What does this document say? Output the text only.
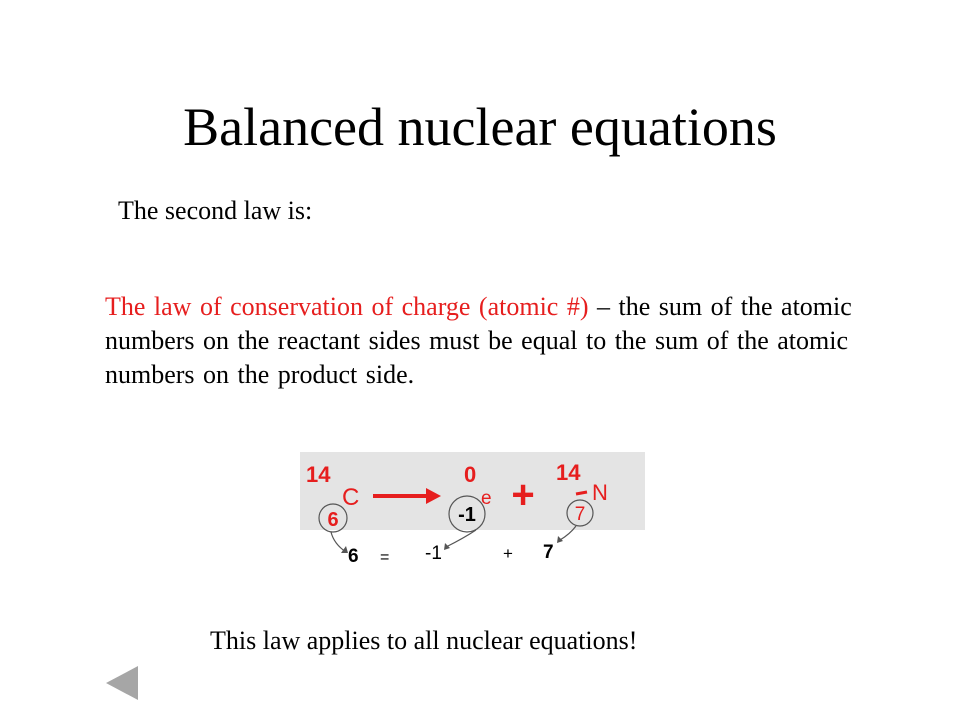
Balanced nuclear equations
The second law is:
The law of conservation of charge (atomic #) – the sum of the atomic numbers on the reactant sides must be equal to the sum of the atomic numbers on the product side.
14
C
6
0
e
-1 +
14
N
7
6 = -1	+ 7
This law applies to all nuclear equations!
